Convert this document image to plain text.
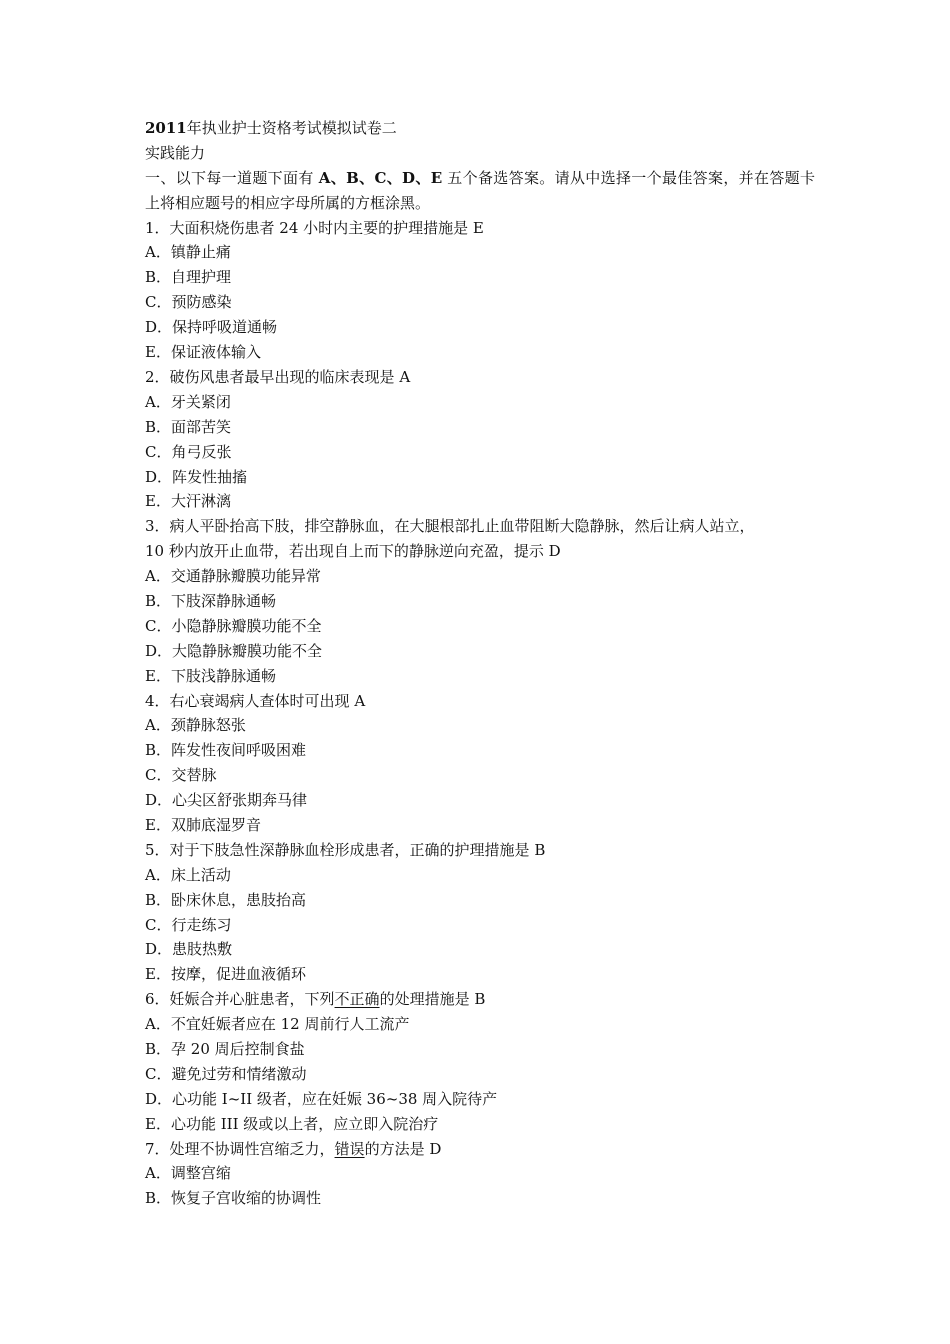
2011年执业护士资格考试模拟试卷二
实践能力
一、以下每一道题下面有 A、B、C、D、E 五个备选答案。请从中选择一个最佳答案，并在答题卡上将相应题号的相应字母所属的方框涂黑。
1．大面积烧伤患者 24 小时内主要的护理措施是 E
A．镇静止痛
B．自理护理
C．预防感染
D．保持呼吸道通畅
E．保证液体输入
2．破伤风患者最早出现的临床表现是 A
A．牙关紧闭
B．面部苦笑
C．角弓反张
D．阵发性抽搐
E．大汗淋漓
3．病人平卧抬高下肢，排空静脉血，在大腿根部扎止血带阻断大隐静脉，然后让病人站立，
10 秒内放开止血带，若出现自上而下的静脉逆向充盈，提示 D
A．交通静脉瓣膜功能异常
B．下肢深静脉通畅
C．小隐静脉瓣膜功能不全
D．大隐静脉瓣膜功能不全
E．下肢浅静脉通畅
4．右心衰竭病人查体时可出现 A
A．颈静脉怒张
B．阵发性夜间呼吸困难
C．交替脉
D．心尖区舒张期奔马律
E．双肺底湿罗音
5．对于下肢急性深静脉血栓形成患者，正确的护理措施是 B
A．床上活动
B．卧床休息，患肢抬高
C．行走练习
D．患肢热敷
E．按摩，促进血液循环
6．妊娠合并心脏患者，下列不正确的处理措施是 B
A．不宜妊娠者应在 12 周前行人工流产
B．孕 20 周后控制食盐
C．避免过劳和情绪激动
D．心功能 I~II 级者，应在妊娠 36~38 周入院待产
E．心功能 III 级或以上者，应立即入院治疗
7．处理不协调性宫缩乏力，错误的方法是 D
A．调整宫缩
B．恢复子宫收缩的协调性
